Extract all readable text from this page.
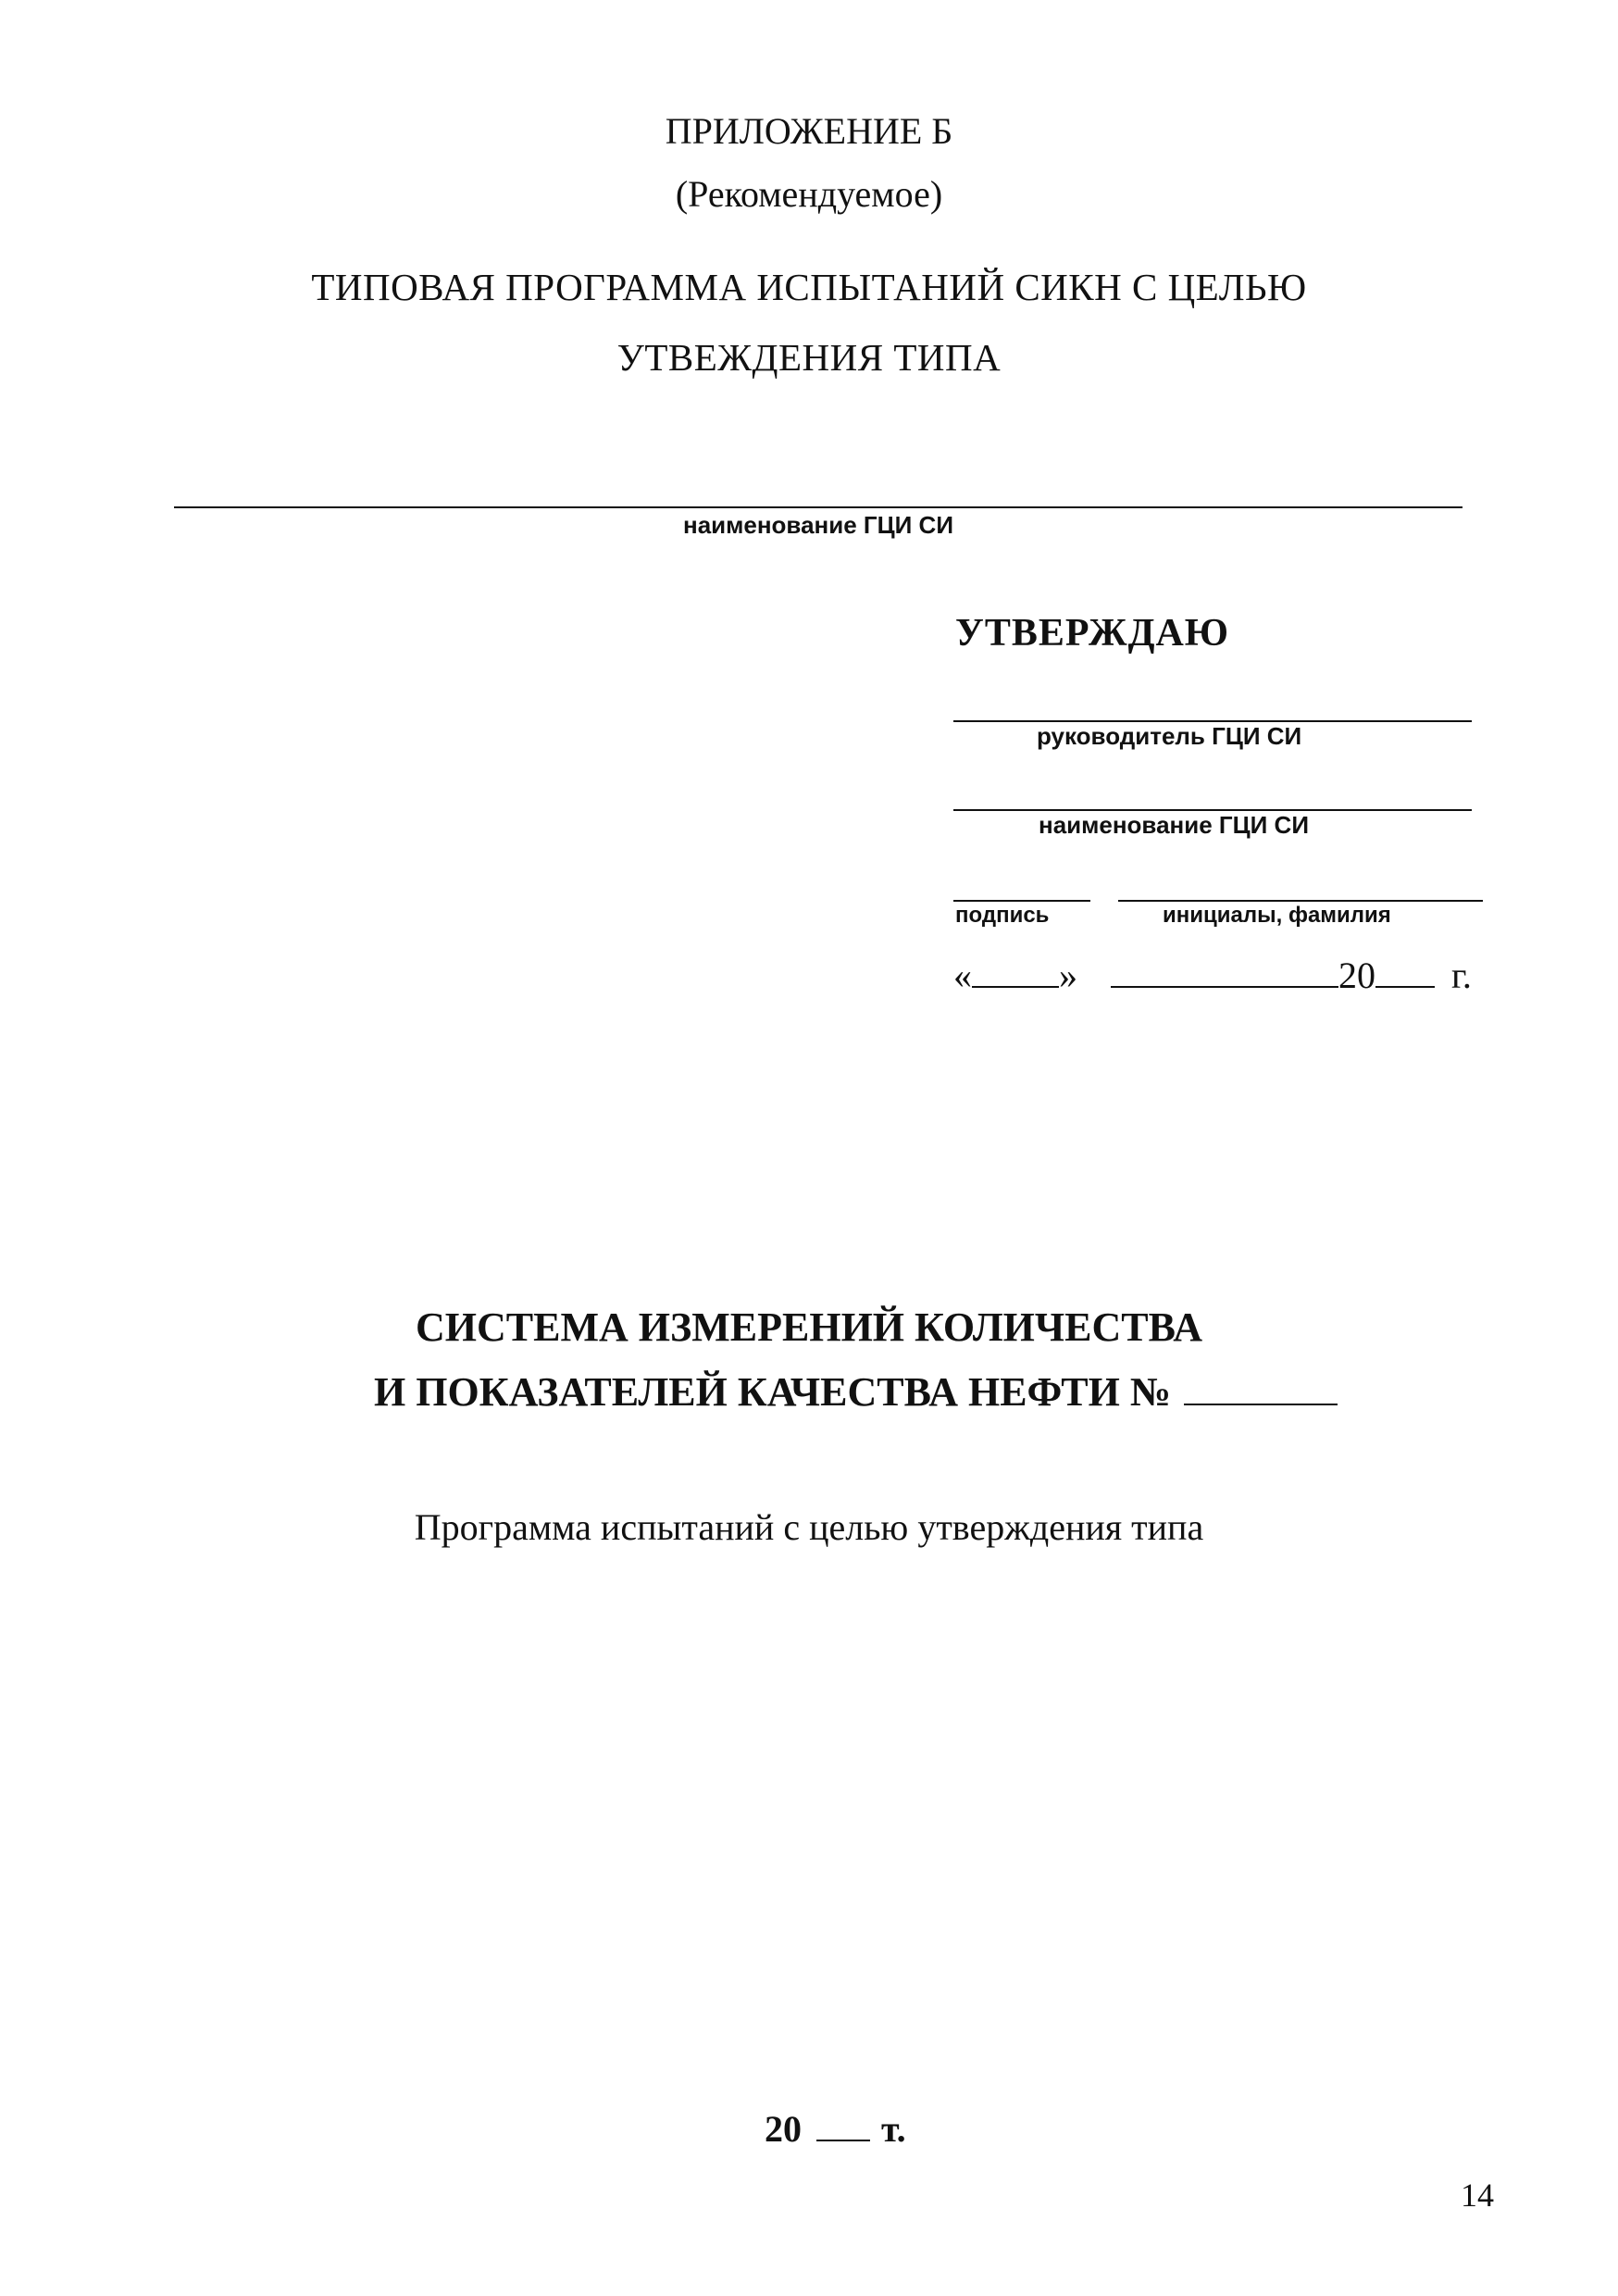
ПРИЛОЖЕНИЕ Б
(Рекомендуемое)
ТИПОВАЯ ПРОГРАММА ИСПЫТАНИЙ СИКН С ЦЕЛЬЮ
УТВЕЖДЕНИЯ ТИПА
наименование ГЦИ СИ
УТВЕРЖДАЮ
руководитель ГЦИ СИ
наименование ГЦИ СИ
подпись	инициалы, фамилия
« »	20 г.
СИСТЕМА ИЗМЕРЕНИЙ КОЛИЧЕСТВА
И ПОКАЗАТЕЛЕЙ КАЧЕСТВА НЕФТИ №
Программа испытаний с целью утверждения типа
20 т.
14
